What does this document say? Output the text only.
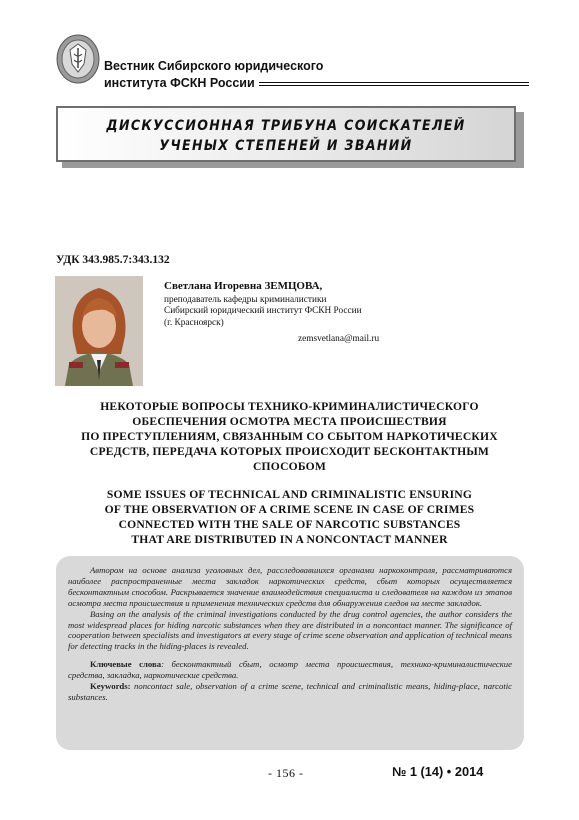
Вестник Сибирского юридического
института ФСКН России
ДИСКУССИОННАЯ ТРИБУНА СОИСКАТЕЛЕЙ
УЧЕНЫХ СТЕПЕНЕЙ И ЗВАНИЙ
УДК 343.985.7:343.132
Светлана Игоревна ЗЕМЦОВА,
преподаватель кафедры криминалистики
Сибирский юридический институт ФСКН России
(г. Красноярск)
zemsvetlana@mail.ru
НЕКОТОРЫЕ ВОПРОСЫ ТЕХНИКО-КРИМИНАЛИСТИЧЕСКОГО
ОБЕСПЕЧЕНИЯ ОСМОТРА МЕСТА ПРОИСШЕСТВИЯ
ПО ПРЕСТУПЛЕНИЯМ, СВЯЗАННЫМ СО СБЫТОМ НАРКОТИЧЕСКИХ
СРЕДСТВ, ПЕРЕДАЧА КОТОРЫХ ПРОИСХОДИТ БЕСКОНТАКТНЫМ
СПОСОБОМ
SOME ISSUES OF TECHNICAL AND CRIMINALISTIC ENSURING
OF THE OBSERVATION OF A CRIME SCENE IN CASE OF CRIMES
CONNECTED WITH THE SALE OF NARCOTIC SUBSTANCES
THAT ARE DISTRIBUTED IN A NONCONTACT MANNER

Автором на основе анализа уголовных дел, расследовавшихся органами наркоконтроля, рассматриваются наиболее распространенные места закладок наркотических средств, сбыт которых осуществляется бесконтактным способом. Раскрывается значение взаимодействия специалиста и следователя на каждом из этапов осмотра места происшествия и применения технических средств для обнаружения следов на месте закладок.

Basing on the analysis of the criminal investigations conducted by the drug control agencies, the author considers the most widespread places for hiding narcotic substances when they are distributed in a noncontact manner. The significance of cooperation between specialists and investigators at every stage of crime scene observation and application of technical means for detecting tracks in the hiding-places is revealed.

Ключевые слова: бесконтактный сбыт, осмотр места происшествия, технико-криминалистические средства, закладка, наркотические средства.

Keywords: noncontact sale, observation of a crime scene, technical and criminalistic means, hiding-place, narcotic substances.

- 156 -	№ 1 (14) • 2014
